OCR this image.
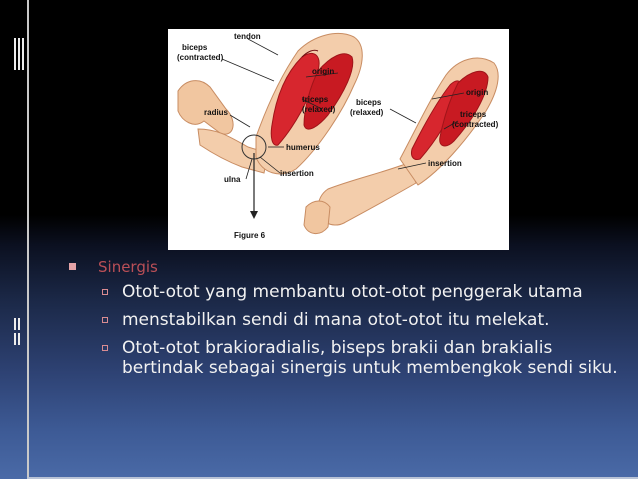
tendon
biceps
(contracted)
origin
triceps
(relaxed)
radius
humerus
ulna
insertion
origin
biceps
(relaxed)	triceps
(contracted)
insertion
Figure 6
Sinergis
Otot-otot yang membantu otot-otot penggerak utama
menstabilkan sendi di mana otot-otot itu melekat.
Otot-otot brakioradialis, biseps brakii dan brakialis bertindak sebagai sinergis untuk membengkok sendi siku.
